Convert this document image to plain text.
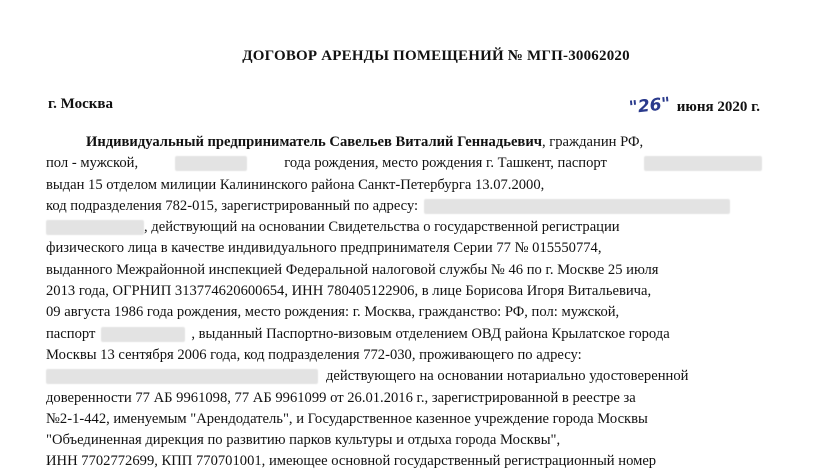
ДОГОВОР АРЕНДЫ ПОМЕЩЕНИЙ № МГП-30062020
г. Москва	"26" июня 2020 г.
Индивидуальный предприниматель Савельев Виталий Геннадьевич , гражданин РФ,
пол - мужской,	года рождения, место рождения г. Ташкент, паспорт
выдан 15 отделом милиции Калининского района Санкт-Петербурга 13.07.2000,
код подразделения 782-015, зарегистрированный по адресу:
, действующий на основании Свидетельства о государственной регистрации
физического лица в качестве индивидуального предпринимателя Серии 77 № 015550774,
выданного Межрайонной инспекцией Федеральной налоговой службы № 46 по г. Москве 25 июля
2013 года, ОГРНИП 313774620600654, ИНН 780405122906, в лице Борисова Игоря Витальевича,
09 августа 1986 года рождения, место рождения: г. Москва, гражданство: РФ, пол: мужской,
паспорт	, выданный Паспортно-визовым отделением ОВД района Крылатское города
Москвы 13 сентября 2006 года, код подразделения 772-030, проживающего по адресу:
действующего на основании нотариально удостоверенной
доверенности 77 АБ 9961098, 77 АБ 9961099 от 26.01.2016 г., зарегистрированной в реестре за
№2-1-442, именуемым "Арендодатель", и Государственное казенное учреждение города Москвы
"Объединенная дирекция по развитию парков культуры и отдыха города Москвы",
ИНН 7702772699, КПП 770701001, имеющее основной государственный регистрационный номер
